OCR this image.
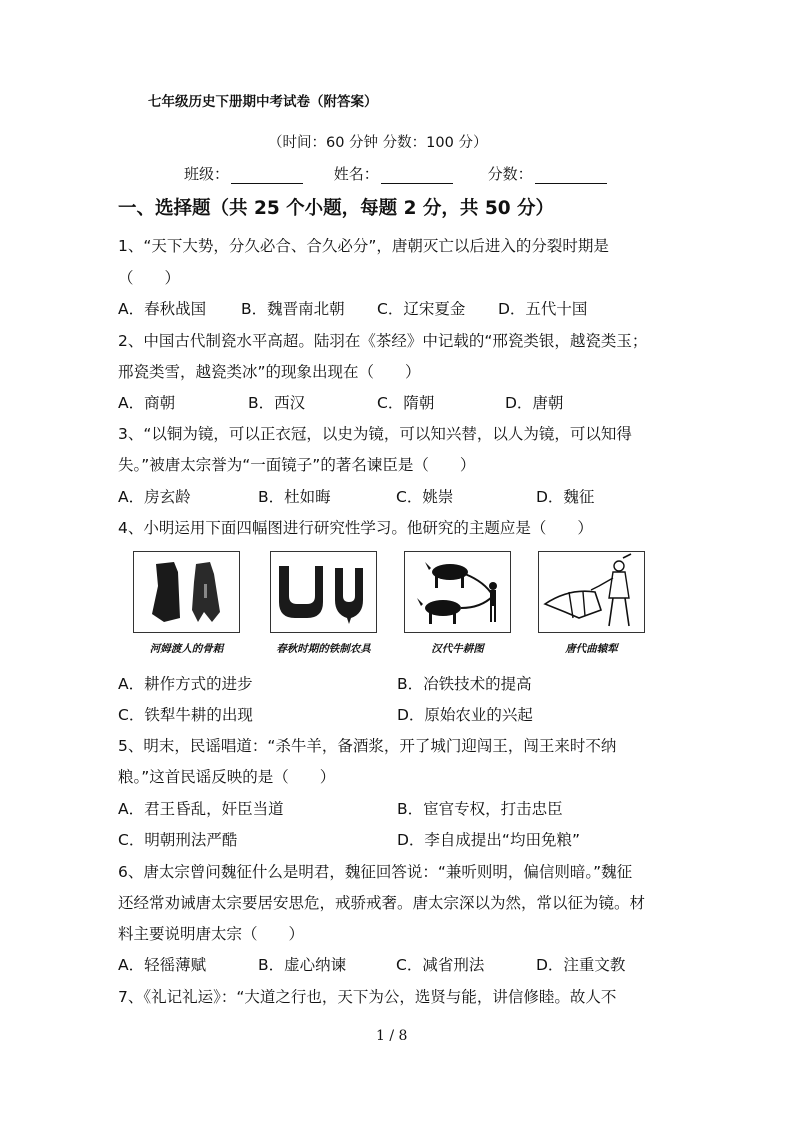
七年级历史下册期中考试卷（附答案）
（时间：60 分钟 分数：100 分）
班级：	姓名：	分数：
一、选择题（共 25 个小题，每题 2 分，共 50 分）
1、“天下大势，分久必合、合久必分”，唐朝灭亡以后进入的分裂时期是
（　　）
A．春秋战国 B．魏晋南北朝 C．辽宋夏金 D．五代十国
2、中国古代制瓷水平高超。陆羽在《茶经》中记载的“邢瓷类银，越瓷类玉；
邢瓷类雪，越瓷类冰”的现象出现在（　　）
A．商朝	B．西汉	C．隋朝	D．唐朝
3、“以铜为镜，可以正衣冠，以史为镜，可以知兴替，以人为镜，可以知得
失。”被唐太宗誉为“一面镜子”的著名谏臣是（　　）
A．房玄龄	B．杜如晦	C．姚崇	D．魏征
4、小明运用下面四幅图进行研究性学习。他研究的主题应是（　　）
河姆渡人的骨耜	春秋时期的铁制农具	汉代牛耕图	唐代曲辕犁
A．耕作方式的进步	B．冶铁技术的提高
C．铁犁牛耕的出现	D．原始农业的兴起
5、明末，民谣唱道：“杀牛羊，备酒浆，开了城门迎闯王，闯王来时不纳
粮。”这首民谣反映的是（　　）
A．君王昏乱，奸臣当道	B．宦官专权，打击忠臣
C．明朝刑法严酷	D．李自成提出“均田免粮”
6、唐太宗曾问魏征什么是明君，魏征回答说：“兼听则明，偏信则暗。”魏征
还经常劝诫唐太宗要居安思危，戒骄戒奢。唐太宗深以为然，常以征为镜。材
料主要说明唐太宗（　　）
A．轻徭薄赋	B．虚心纳谏	C．减省刑法	D．注重文教
7、《礼记礼运》：“大道之行也，天下为公，选贤与能，讲信修睦。故人不
1 / 8
